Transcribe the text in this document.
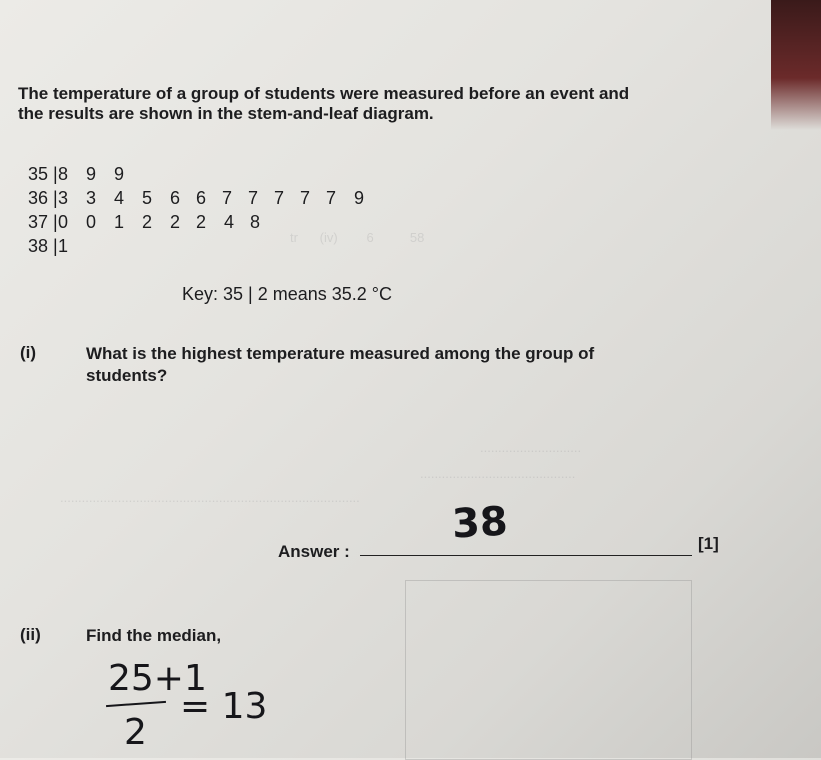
tr      (iv)        6          58
............................
...........................................
...................................................................................
The temperature of a group of students were measured before an event and the results are shown in the stem-and-leaf diagram.
35 | 8 9 9
36 | 3 3 4 5 6 6 7 7 7 7 7 9
37 | 0 0 1 2 2 2 4 8
38 | 1
Key: 35 | 2 means 35.2 °C
(i)	What is the highest temperature measured among the group of students?
Answer :
38	[1]
(ii)	Find the median,
25+1
2
= 13
